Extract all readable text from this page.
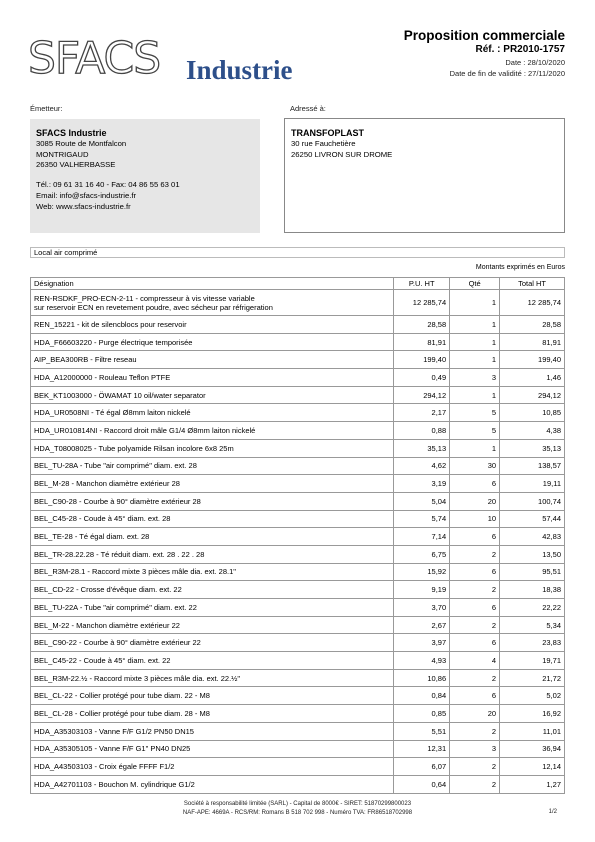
SFACS Industrie
Proposition commerciale
Réf. : PR2010-1757
Date : 28/10/2020
Date de fin de validité : 27/11/2020
Émetteur:
SFACS Industrie
3085 Route de Montfalcon
MONTRIGAUD
26350 VALHERBASSE
Tél.: 09 61 31 16 40 - Fax: 04 86 55 63 01
Email: info@sfacs-industrie.fr
Web: www.sfacs-industrie.fr
Adressé à:
TRANSFOPLAST
30 rue Fauchetière
26250 LIVRON SUR DROME
Local air comprimé
Montants exprimés en Euros
Désignation	P.U. HT	Qté	Total HT

REN-RSDKF_PRO-ECN-2-11 - compresseur à vis vitesse variable
sur reservoir ECN en revetement poudre, avec sécheur par réfrigeration	12 285,74	1	12 285,74

REN_15221 - kit de silencblocs pour reservoir	28,58	1	28,58

HDA_F66603220 - Purge électrique temporisée	81,91	1	81,91

AIP_BEA300RB - Filtre reseau	199,40	1	199,40

HDA_A12000000 - Rouleau Teflon PTFE	0,49	3	1,46

BEK_KT1003000 - ÖWAMAT 10 oil/water separator	294,12	1	294,12

HDA_UR0508NI - Té égal Ø8mm laiton nickelé	2,17	5	10,85

HDA_UR010814NI - Raccord droit mâle G1/4 Ø8mm laiton nickelé	0,88	5	4,38

HDA_T08008025 - Tube polyamide Rilsan incolore 6x8 25m	35,13	1	35,13

BEL_TU-28A - Tube "air comprimé" diam. ext. 28	4,62	30	138,57

BEL_M-28 - Manchon diamètre extérieur 28	3,19	6	19,11

BEL_C90-28 - Courbe à 90° diamètre extérieur 28	5,04	20	100,74

BEL_C45-28 - Coude à 45° diam. ext. 28	5,74	10	57,44

BEL_TE-28 - Té égal diam. ext. 28	7,14	6	42,83

BEL_TR-28.22.28 - Té réduit diam. ext. 28 . 22 . 28	6,75	2	13,50

BEL_R3M-28.1 - Raccord mixte 3 pièces mâle dia. ext. 28.1"	15,92	6	95,51

BEL_CD-22 - Crosse d'évêque diam. ext. 22	9,19	2	18,38

BEL_TU-22A - Tube "air comprimé" diam. ext. 22	3,70	6	22,22

BEL_M-22 - Manchon diamètre extérieur 22	2,67	2	5,34

BEL_C90-22 - Courbe à 90° diamètre extérieur 22	3,97	6	23,83

BEL_C45-22 - Coude à 45° diam. ext. 22	4,93	4	19,71

BEL_R3M-22.½ - Raccord mixte 3 pièces mâle dia. ext. 22.½"	10,86	2	21,72

BEL_CL-22 - Collier protégé pour tube diam. 22 - M8	0,84	6	5,02

BEL_CL-28 - Collier protégé pour tube diam. 28 - M8	0,85	20	16,92

HDA_A35303103 - Vanne F/F G1/2 PN50 DN15	5,51	2	11,01

HDA_A35305105 - Vanne F/F G1" PN40 DN25	12,31	3	36,94

HDA_A43503103 - Croix égale FFFF F1/2	6,07	2	12,14

HDA_A42701103 - Bouchon M. cylindrique G1/2	0,64	2	1,27
Société à responsabilité limitée (SARL) - Capital de 8000€ - SIRET: 51870299800023
NAF-APE: 4669A - RCS/RM: Romans B 518 702 998 - Numéro TVA: FR86518702998	1/2
